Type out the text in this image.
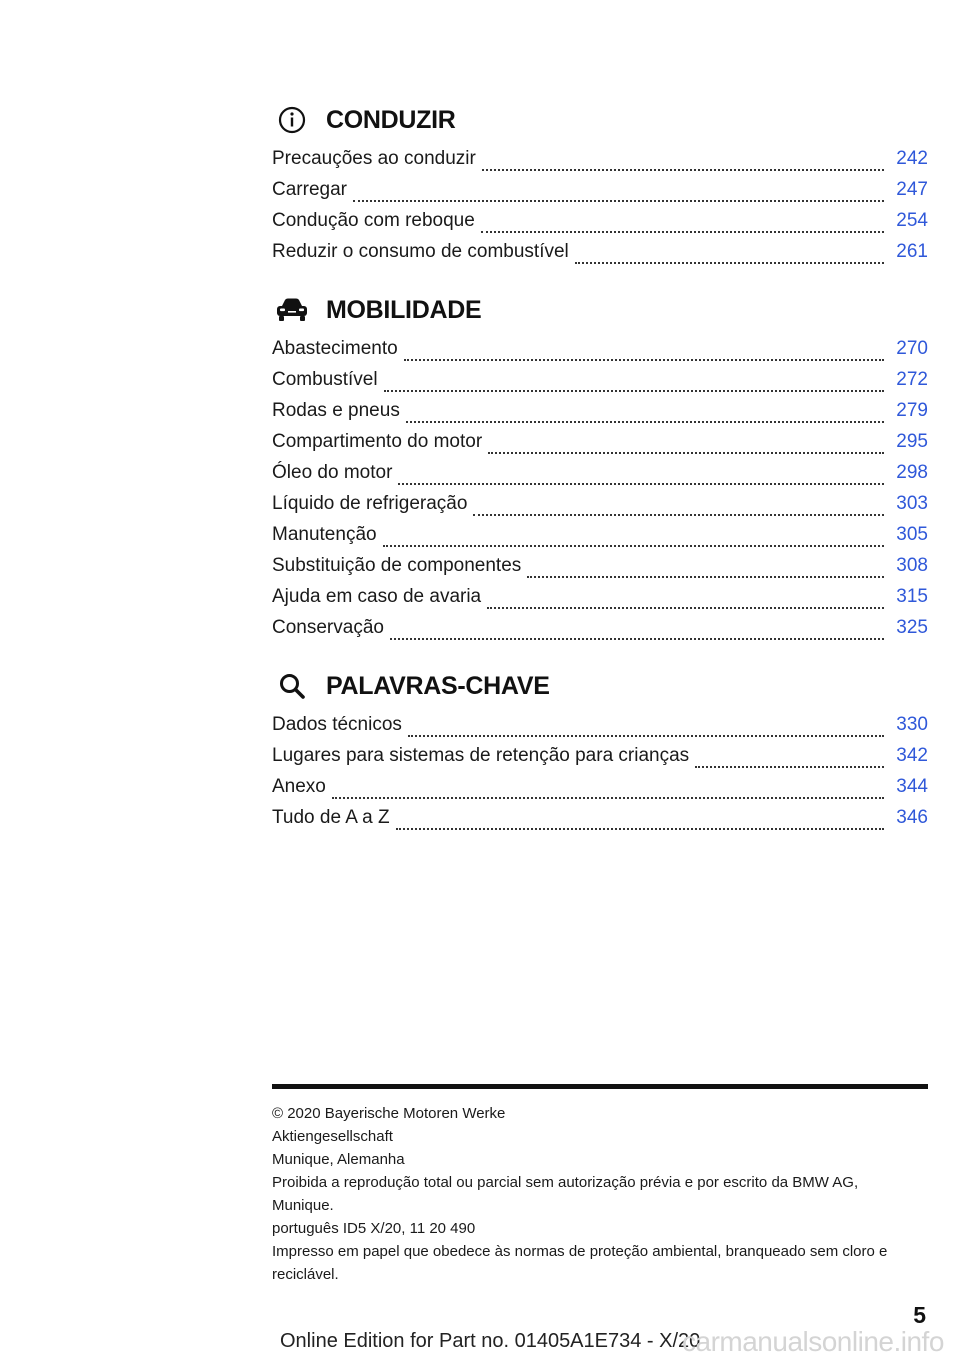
CONDUZIR
Precauções ao conduzir	242
Carregar	247
Condução com reboque	254
Reduzir o consumo de combustível	261
MOBILIDADE
Abastecimento	270
Combustível	272
Rodas e pneus	279
Compartimento do motor	295
Óleo do motor	298
Líquido de refrigeração	303
Manutenção	305
Substituição de componentes	308
Ajuda em caso de avaria	315
Conservação	325
PALAVRAS-CHAVE
Dados técnicos	330
Lugares para sistemas de retenção para crianças	342
Anexo	344
Tudo de A a Z	346
© 2020 Bayerische Motoren Werke
Aktiengesellschaft
Munique, Alemanha
Proibida a reprodução total ou parcial sem autorização prévia e por escrito da BMW AG,
Munique.
português ID5 X/20, 11 20 490
Impresso em papel que obedece às normas de proteção ambiental, branqueado sem cloro e
reciclável.
5
Online Edition for Part no. 01405A1E734 - X/20
carmanualsonline.info
